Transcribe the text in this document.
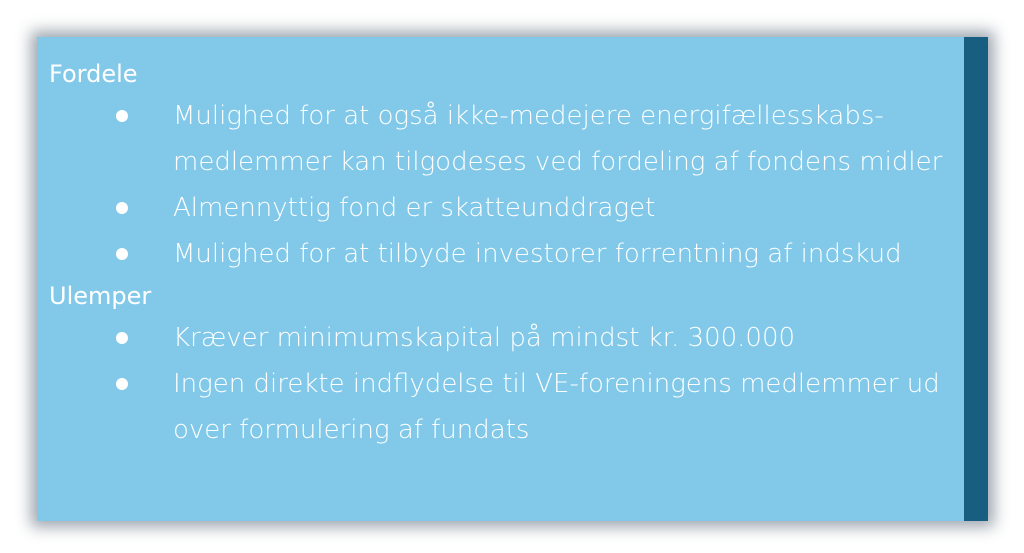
Fordele
Mulighed for at også ikke-medejere energifællesskabs-medlemmer kan tilgodeses ved fordeling af fondens midler
Almennyttig fond er skatteunddraget
Mulighed for at tilbyde investorer forrentning af indskud
Ulemper
Kræver minimumskapital på mindst kr. 300.000
Ingen direkte indflydelse til VE-foreningens medlemmer ud over formulering af fundats
